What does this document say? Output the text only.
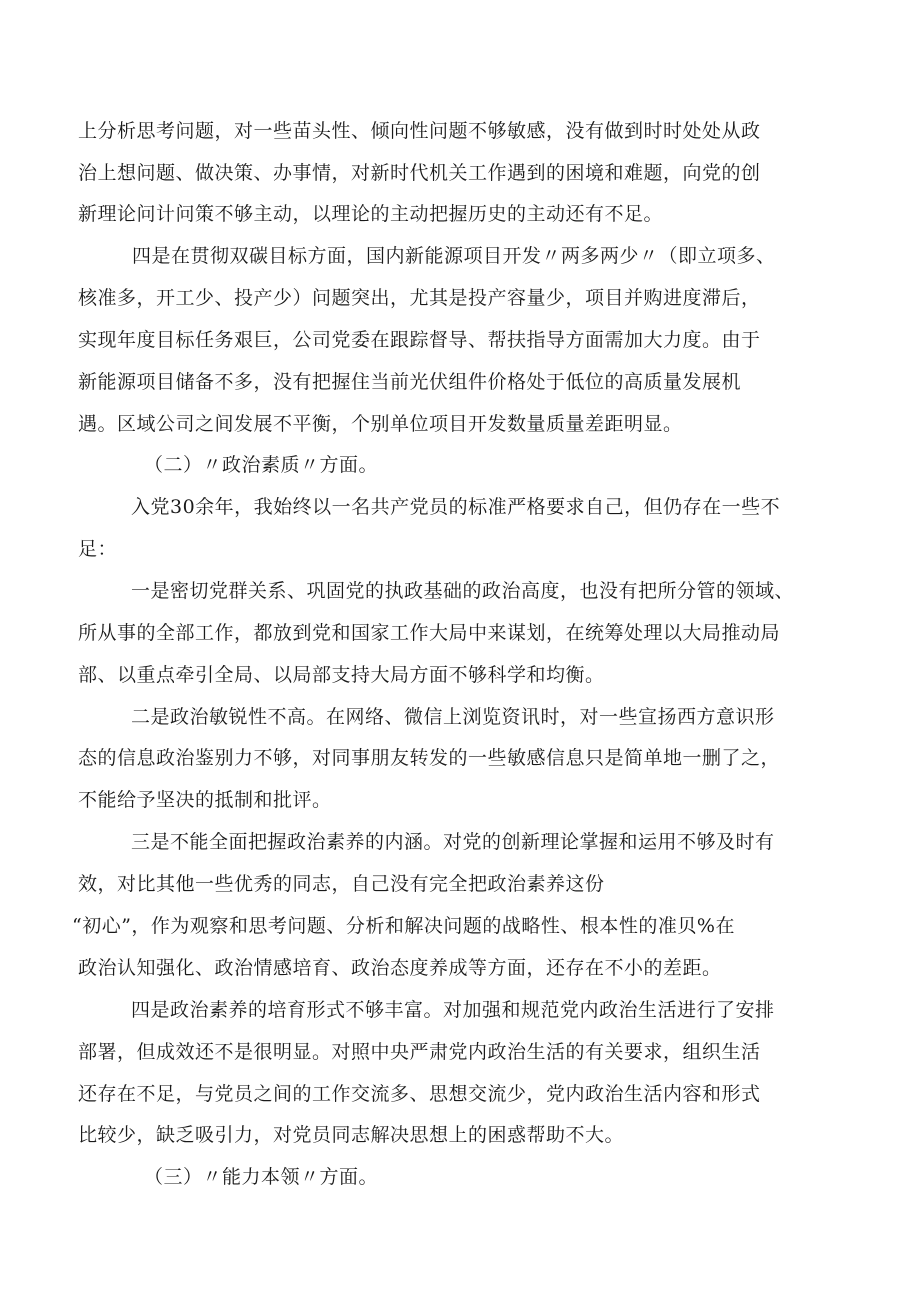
上分析思考问题，对一些苗头性、倾向性问题不够敏感，没有做到时时处处从政

治上想问题、做决策、办事情，对新时代机关工作遇到的困境和难题，向党的创

新理论问计问策不够主动，以理论的主动把握历史的主动还有不足。

四是在贯彻双碳目标方面，国内新能源项目开发〃两多两少〃（即立项多、

核准多，开工少、投产少）问题突出，尤其是投产容量少，项目并购进度滞后，

实现年度目标任务艰巨，公司党委在跟踪督导、帮扶指导方面需加大力度。由于

新能源项目储备不多，没有把握住当前光伏组件价格处于低位的高质量发展机

遇。区域公司之间发展不平衡，个别单位项目开发数量质量差距明显。

（二）〃政治素质〃方面。

入党30余年，我始终以一名共产党员的标准严格要求自己，但仍存在一些不

足：

一是密切党群关系、巩固党的执政基础的政治高度，也没有把所分管的领域、

所从事的全部工作，都放到党和国家工作大局中来谋划，在统筹处理以大局推动局

部、以重点牵引全局、以局部支持大局方面不够科学和均衡。

二是政治敏锐性不高。在网络、微信上浏览资讯时，对一些宣扬西方意识形

态的信息政治鉴别力不够，对同事朋友转发的一些敏感信息只是简单地一删了之，

不能给予坚决的抵制和批评。

三是不能全面把握政治素养的内涵。对党的创新理论掌握和运用不够及时有

效，对比其他一些优秀的同志，自己没有完全把政治素养这份

“初心”，作为观察和思考问题、分析和解决问题的战略性、根本性的准贝%在

政治认知强化、政治情感培育、政治态度养成等方面，还存在不小的差距。

四是政治素养的培育形式不够丰富。对加强和规范党内政治生活进行了安排

部署，但成效还不是很明显。对照中央严肃党内政治生活的有关要求，组织生活

还存在不足，与党员之间的工作交流多、思想交流少，党内政治生活内容和形式

比较少，缺乏吸引力，对党员同志解决思想上的困惑帮助不大。

（三）〃能力本领〃方面。
